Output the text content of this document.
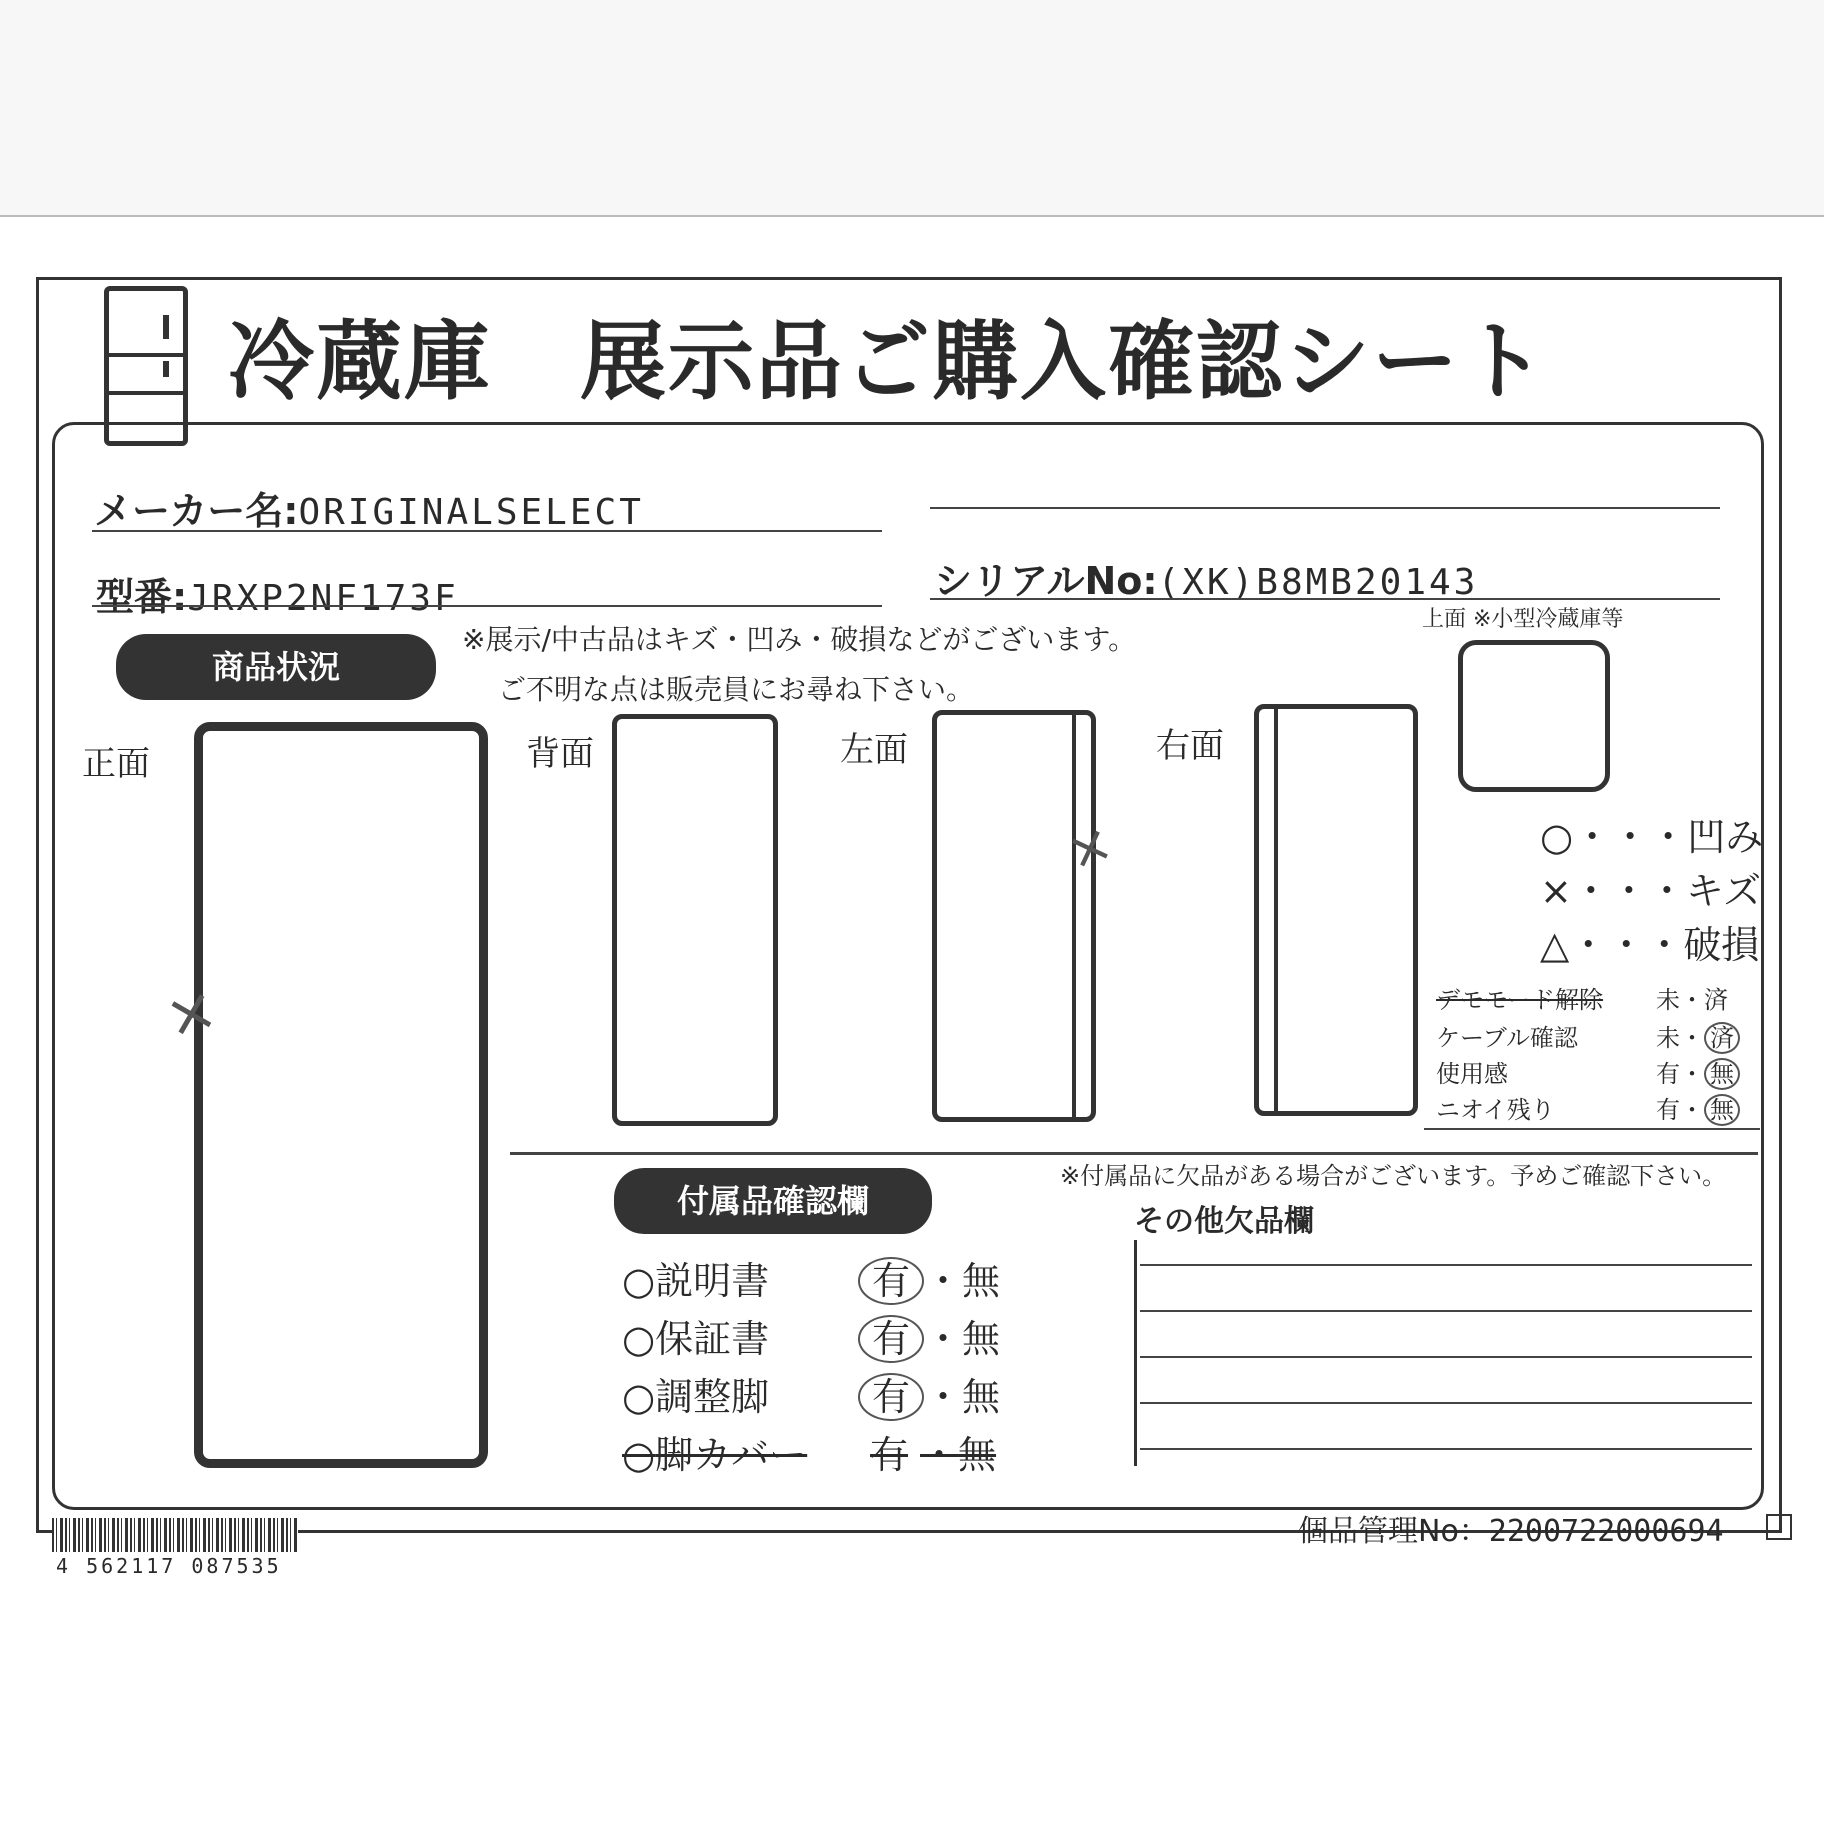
冷蔵庫　展示品ご購入確認シート
メーカー名:ORIGINALSELECT
型番:JRXP2NF173F	シリアルNo:(XK)B8MB20143
商品状況
※展示/中古品はキズ・凹み・破損などがございます。
ご不明な点は販売員にお尋ね下さい。
上面 ※小型冷蔵庫等
正面	背面	左面	右面
×
×	○・・・凹み
×・・・キズ
△・・・破損
デモモード解除 未・済
ケーブル確認	未・ 済
使用感	有・ 無
ニオイ残り	有・ 無
付属品確認欄
○説明書	有 ・無
○保証書	有 ・無
○調整脚	有 ・無
○脚カバー	有 ・無
※付属品に欠品がある場合がございます。予めご確認下さい。
その他欠品欄
4 562117 087535
個品管理No：2200722000694
